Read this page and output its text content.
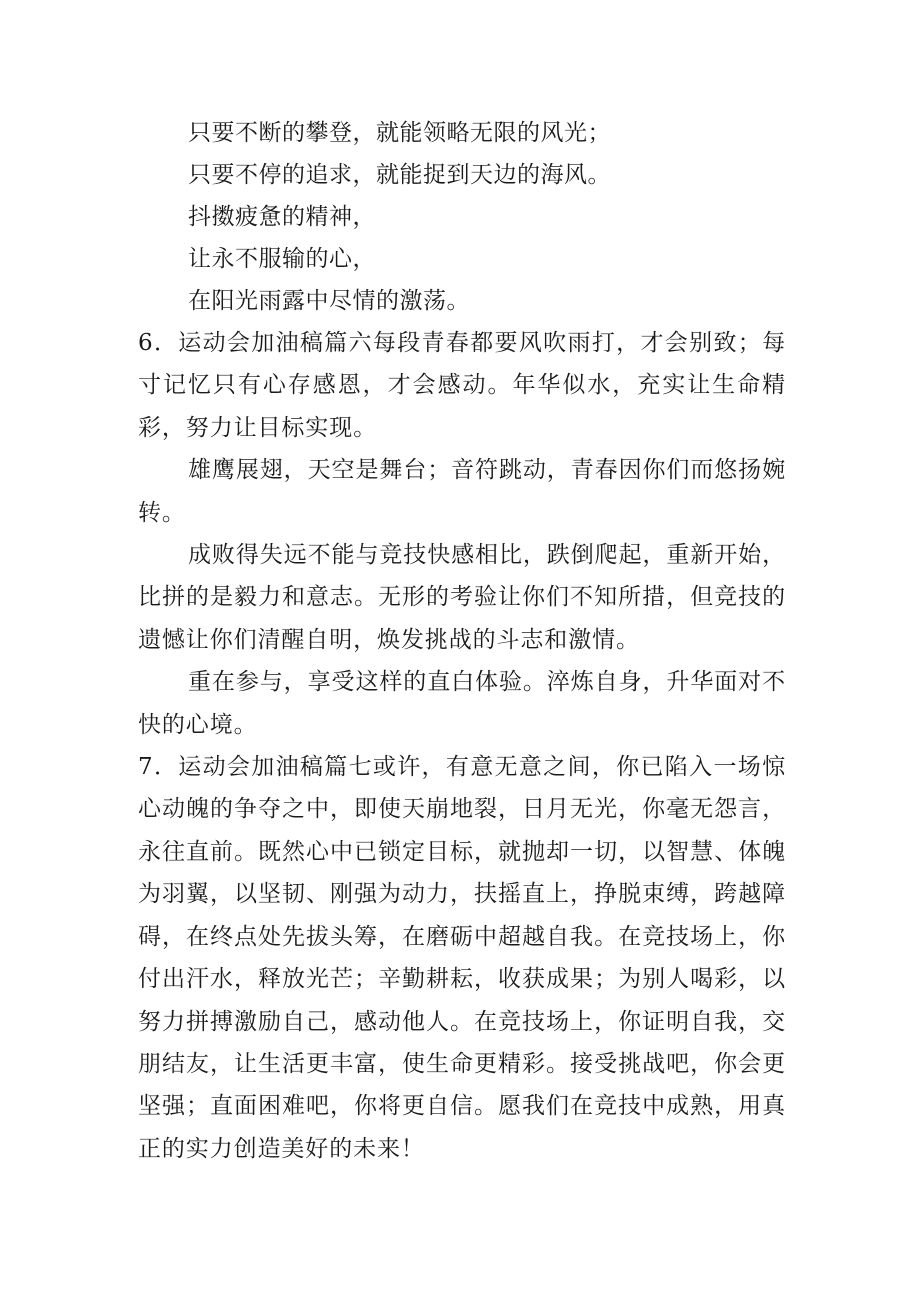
只要不断的攀登，就能领略无限的风光；
只要不停的追求，就能捉到天边的海风。
抖擞疲惫的精神，
让永不服输的心，
在阳光雨露中尽情的激荡。

6．运动会加油稿篇六每段青春都要风吹雨打，才会别致；每寸记忆只有心存感恩，才会感动。年华似水，充实让生命精彩，努力让目标实现。

雄鹰展翅，天空是舞台；音符跳动，青春因你们而悠扬婉转。

成败得失远不能与竞技快感相比，跌倒爬起，重新开始，比拼的是毅力和意志。无形的考验让你们不知所措，但竞技的遗憾让你们清醒自明，焕发挑战的斗志和激情。

重在参与，享受这样的直白体验。淬炼自身，升华面对不快的心境。

7．运动会加油稿篇七或许，有意无意之间，你已陷入一场惊心动魄的争夺之中，即使天崩地裂，日月无光，你毫无怨言，永往直前。既然心中已锁定目标，就抛却一切，以智慧、体魄为羽翼，以坚韧、刚强为动力，扶摇直上，挣脱束缚，跨越障碍，在终点处先拔头筹，在磨砺中超越自我。在竞技场上，你付出汗水，释放光芒；辛勤耕耘，收获成果；为别人喝彩，以努力拼搏激励自己，感动他人。在竞技场上，你证明自我，交朋结友，让生活更丰富，使生命更精彩。接受挑战吧，你会更坚强；直面困难吧，你将更自信。愿我们在竞技中成熟，用真正的实力创造美好的未来！
